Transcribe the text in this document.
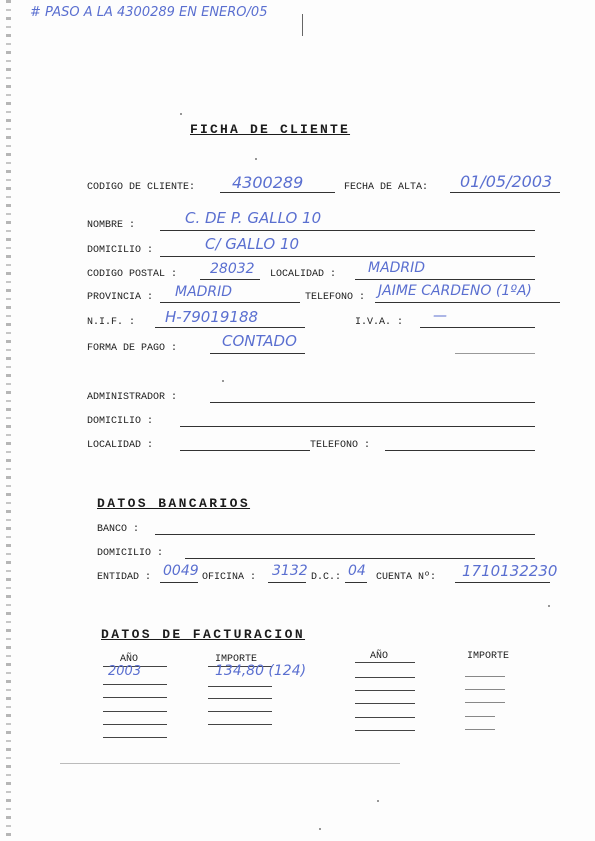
# PASO A LA 4300289 EN ENERO/05
FICHA DE CLIENTE
CODIGO DE CLIENTE: 4300289	FECHA DE ALTA: 01/05/2003
NOMBRE :	C. DE P. GALLO 10
DOMICILIO :	C/ GALLO 10
CODIGO POSTAL : 28032 LOCALIDAD : MADRID
PROVINCIA : MADRID	TELEFONO : JAIME CARDENO (1ºA)
N.I.F. : H-79019188	I.V.A. : —
FORMA DE PAGO :	CONTADO
ADMINISTRADOR :
DOMICILIO :
LOCALIDAD :	TELEFONO :
DATOS BANCARIOS
BANCO :
DOMICILIO :
ENTIDAD : 0049 OFICINA : 3132 D.C.: 04 CUENTA Nº: 1710132230
DATOS DE FACTURACION
AÑO	IMPORTE	AÑO	IMPORTE
2003	134,80 (124)
